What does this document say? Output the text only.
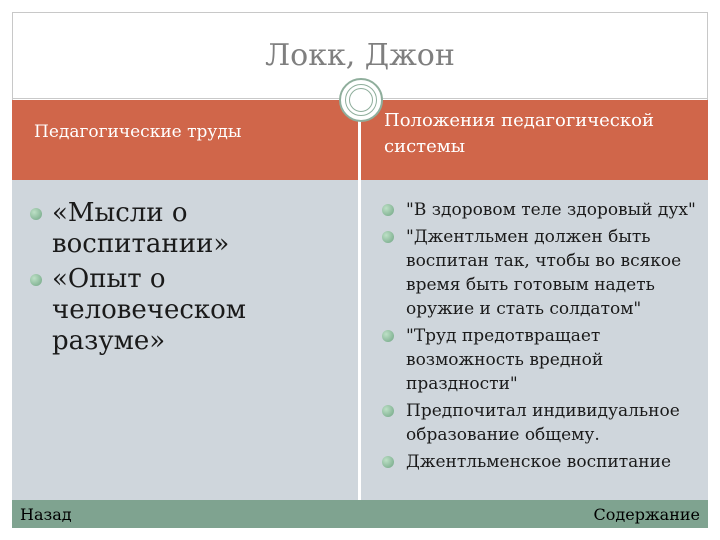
Локк, Джон
Педагогические труды
Положения педагогической системы
«Мысли о воспитании»
«Опыт о человеческом разуме»
"В здоровом теле здоровый дух"
"Джентльмен должен быть воспитан так, чтобы во всякое время быть готовым надеть оружие и стать солдатом"
"Труд предотвращает возможность вредной праздности"
Предпочитал индивидуальное образование общему.
Джентльменское воспитание
Назад	Содержание
